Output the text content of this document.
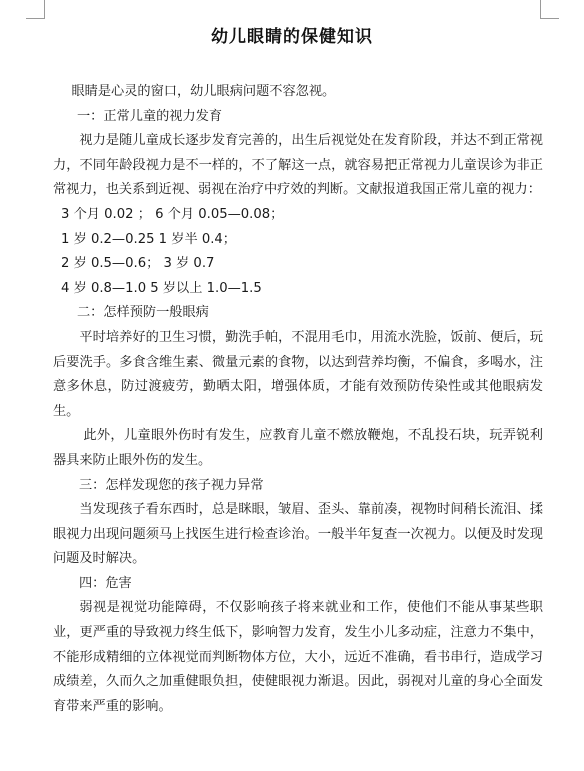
幼儿眼睛的保健知识

眼睛是心灵的窗口，幼儿眼病问题不容忽视。

一：正常儿童的视力发育

视力是随儿童成长逐步发育完善的，出生后视觉处在发育阶段，并达不到正常视力，不同年龄段视力是不一样的，不了解这一点，就容易把正常视力儿童误诊为非正常视力，也关系到近视、弱视在治疗中疗效的判断。文献报道我国正常儿童的视力：

3 个月 0.02 ； 6 个月 0.05—0.08；
1 岁 0.2—0.25 1 岁半 0.4；
2 岁 0.5—0.6； 3 岁 0.7
4 岁 0.8—1.0 5 岁以上 1.0—1.5

二：怎样预防一般眼病

平时培养好的卫生习惯，勤洗手帕，不混用毛巾，用流水洗脸，饭前、便后，玩后要洗手。多食含维生素、微量元素的食物，以达到营养均衡，不偏食，多喝水，注意多休息，防过渡疲劳，勤晒太阳，增强体质，才能有效预防传染性或其他眼病发生。

此外，儿童眼外伤时有发生，应教育儿童不燃放鞭炮，不乱投石块，玩弄锐利器具来防止眼外伤的发生。

三：怎样发现您的孩子视力异常

当发现孩子看东西时，总是眯眼，皱眉、歪头、靠前凑，视物时间稍长流泪、揉眼视力出现问题须马上找医生进行检查诊治。一般半年复查一次视力。以便及时发现问题及时解决。

四：危害

弱视是视觉功能障碍，不仅影响孩子将来就业和工作，使他们不能从事某些职业，更严重的导致视力终生低下，影响智力发育，发生小儿多动症，注意力不集中，不能形成精细的立体视觉而判断物体方位，大小，远近不准确，看书串行，造成学习成绩差，久而久之加重健眼负担，使健眼视力渐退。因此，弱视对儿童的身心全面发育带来严重的影响。
